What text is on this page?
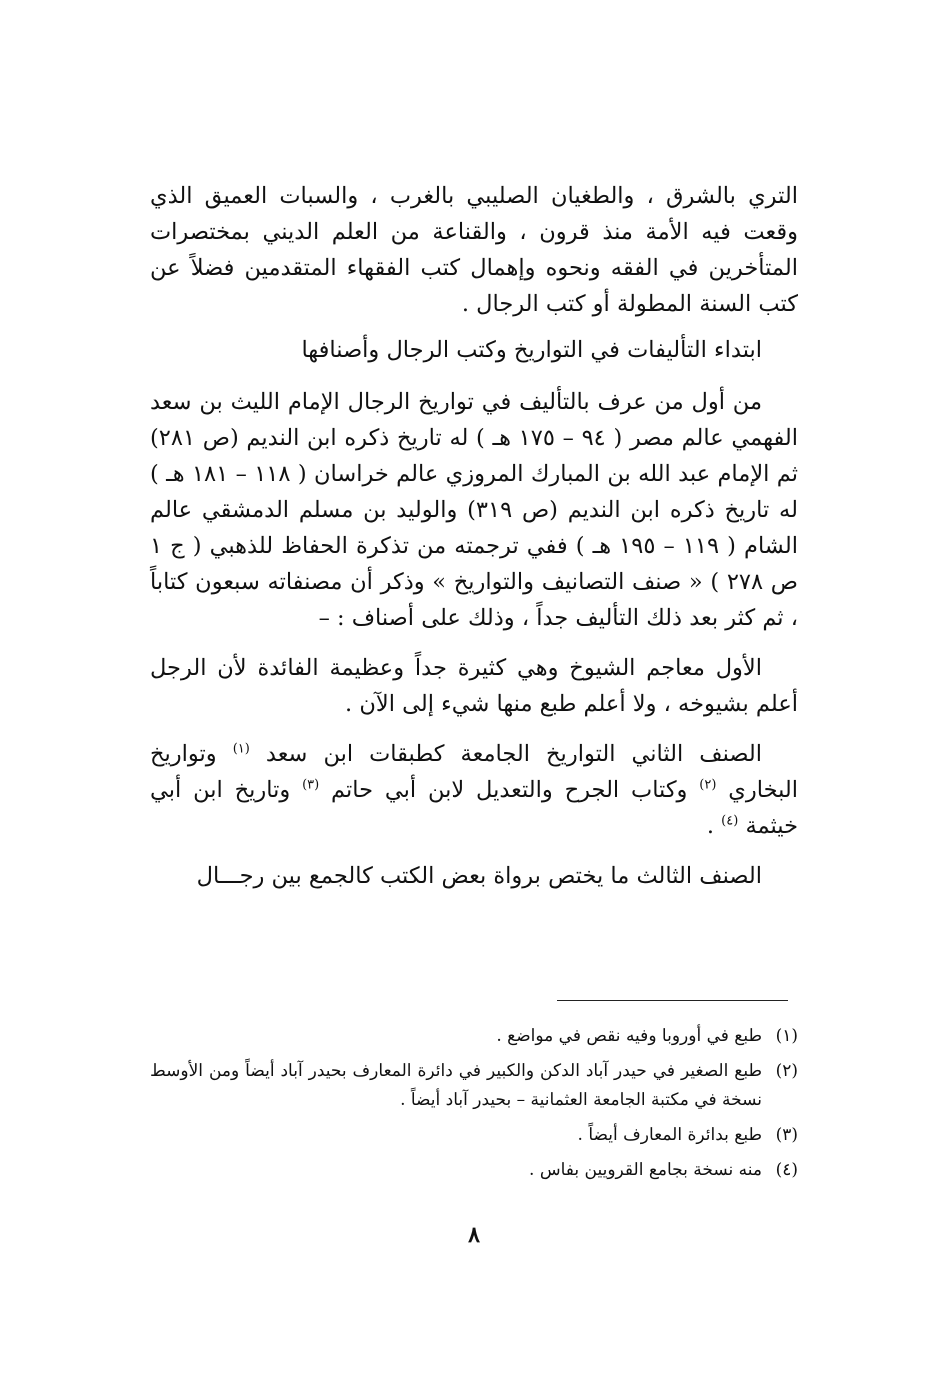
التري بالشرق ، والطغيان الصليبي بالغرب ، والسبات العميق الذي وقعت فيه الأمة منذ قرون ، والقناعة من العلم الديني بمختصرات المتأخرين في الفقه ونحوه وإهمال كتب الفقهاء المتقدمين فضلاً عن كتب السنة المطولة أو كتب الرجال .

ابتداء التأليفات في التواريخ وكتب الرجال وأصنافها

من أول من عرف بالتأليف في تواريخ الرجال الإمام الليث بن سعد الفهمي عالم مصر ( ٩٤ – ١٧٥ هـ ) له تاريخ ذكره ابن النديم (ص ٢٨١) ثم الإمام عبد الله بن المبارك المروزي عالم خراسان ( ١١٨ – ١٨١ هـ ) له تاريخ ذكره ابن النديم (ص ٣١٩) والوليد بن مسلم الدمشقي عالم الشام ( ١١٩ – ١٩٥ هـ ) ففي ترجمته من تذكرة الحفاظ للذهبي ( ج ١ ص ٢٧٨ ) « صنف التصانيف والتواريخ » وذكر أن مصنفاته سبعون كتاباً ، ثم كثر بعد ذلك التأليف جداً ، وذلك على أصناف : –

الأول معاجم الشيوخ وهي كثيرة جداً وعظيمة الفائدة لأن الرجل أعلم بشيوخه ، ولا أعلم طبع منها شيء إلى الآن .

الصنف الثاني التواريخ الجامعة كطبقات ابن سعد $^{(١)}$ وتواريخ البخاري $^{(٢)}$ وكتاب الجرح والتعديل لابن أبي حاتم $^{(٣)}$ وتاريخ ابن أبي خيثمة $^{(٤)}$ .

الصنف الثالث ما يختص برواة بعض الكتب كالجمع بين رجـــال

(١)
طبع في أوروبا وفيه نقص في مواضع .
(٢)
طبع الصغير في حيدر آباد الدكن والكبير في دائرة المعارف بحيدر آباد أيضاً ومن الأوسط نسخة في مكتبة الجامعة العثمانية – بحيدر آباد أيضاً .
(٣)
طبع بدائرة المعارف أيضاً .
(٤)
منه نسخة بجامع القرويين بفاس .
٨
